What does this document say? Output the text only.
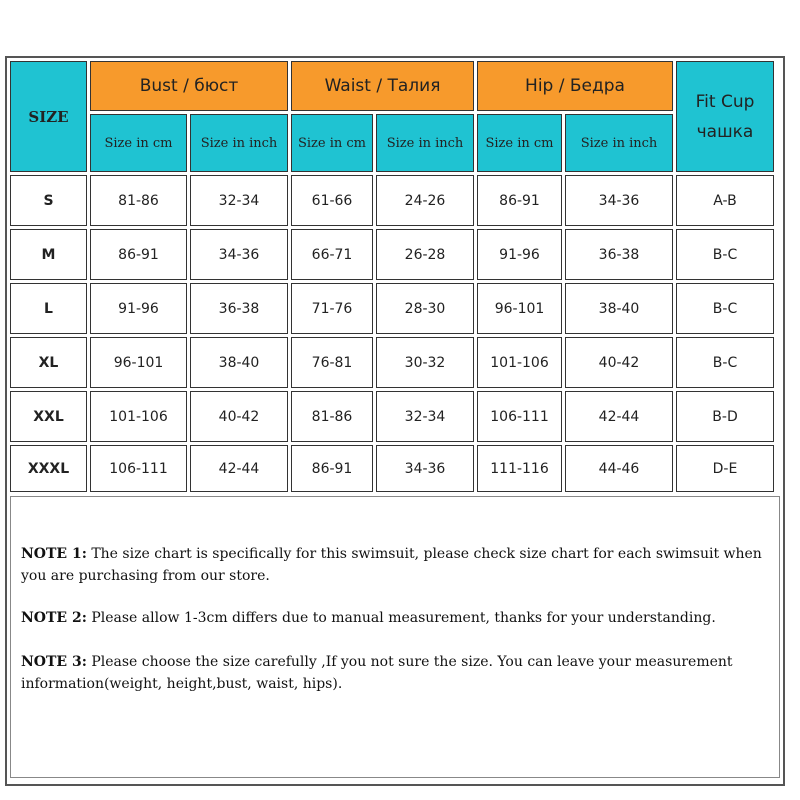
SIZE	Bust / бюст		Waist / Талия		Hip / Бедра		Fit Cup
чашка

	Size in cm	Size in inch	Size in cm	Size in inch	Size in cm	Size in inch	
S	81-86	32-34	61-66	24-26	86-91	34-36	A-B
M	86-91	34-36	66-71	26-28	91-96	36-38	B-C
L	91-96	36-38	71-76	28-30	96-101	38-40	B-C
XL	96-101	38-40	76-81	30-32	101-106	40-42	B-C
XXL	101-106	40-42	81-86	32-34	106-111	42-44	B-D
XXXL	106-111	42-44	86-91	34-36	111-116	44-46	D-E
NOTE 1: The size chart is specifically for this swimsuit, please check size chart for each swimsuit when you are purchasing from our store.
NOTE 2: Please allow 1-3cm differs due to manual measurement, thanks for your understanding.
NOTE 3: Please choose the size carefully ,If you not sure the size. You can leave your measurement information(weight, height,bust, waist, hips).
